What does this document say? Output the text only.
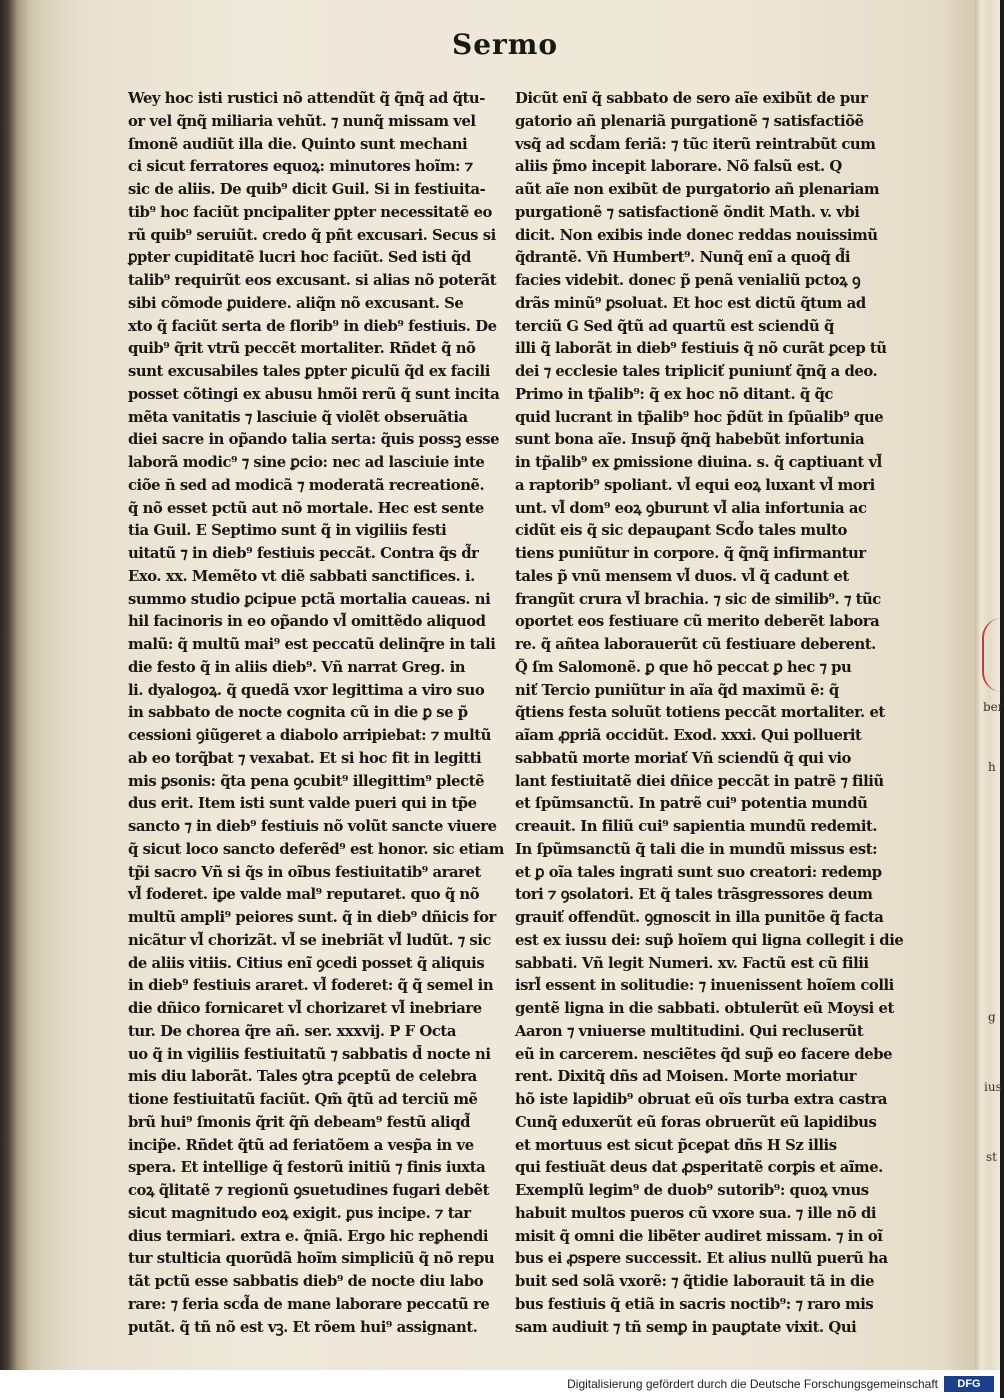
ber
h
g
ius
st
Sermo
Wey hoc isti rustici nõ attendũt q̃ q̃nq̃ ad q̃tu-
or vel q̃nq̃ miliaria vehũt. ⁊ nunq̃ missam vel
ſmonẽ audiũt illa die. Quinto sunt mechani
ci sicut ferratores equoꝝ: minutores hoĩm: ⁊
sic de aliis. De quib⁹ dicit Guil. Si in festiuita-
tib⁹ hoc faciũt pncipaliter ꝑpter necessitatẽ eo
rũ quib⁹ seruiũt. credo q̃ pñt excusari. Secus si
ꝑpter cupiditatẽ lucri hoc faciũt. Sed isti q̃d
talib⁹ requirũt eos excusant. si alias nõ poterãt
sibi cõmode ꝑuidere. aliq̃n nõ excusant. Se
xto q̃ faciũt serta de florib⁹ in dieb⁹ festiuis. De
quib⁹ q̃rit vtrũ peccẽt mortaliter. Rñdet q̃ nõ
sunt excusabiles tales ꝑpter ꝑiculũ q̃d ex facili
posset cõtingi ex abusu hmõi rerũ q̃ sunt incita
mẽta vanitatis ⁊ lasciuie q̃ violẽt obseruãtia
diei sacre in op̃ando talia serta: q̃uis possꝫ esse
laborã modic⁹ ⁊ sine ꝑcio: nec ad lasciuie inte
ciõe n̄ sed ad modicã ⁊ moderatã recreationẽ.
q̃ nõ esset pctũ aut nõ mortale. Hec est sente
tia Guil. E Septimo sunt q̃ in vigiliis festi
uitatũ ⁊ in dieb⁹ festiuis peccãt. Contra q̃s d̃r
Exo. xx. Memẽto vt diẽ sabbati sanctifices. i.
summo studio ꝑcipue pctã mortalia caueas. ni
hil facinoris in eo op̃ando vl̃ omittẽdo aliquod
malũ: q̃ multũ mai⁹ est peccatũ delinq̃re in tali
die festo q̃ in aliis dieb⁹. Vñ narrat Greg. in
li. dyalogoꝝ. q̃ quedã vxor legittima a viro suo
in sabbato de nocte cognita cũ in die ꝑ se p̃
cessioni ꝯiũgeret a diabolo arripiebat: ⁊ multũ
ab eo torq̃bat ⁊ vexabat. Et si hoc fit in legitti
mis ꝑsonis: q̃ta pena ꝯcubit⁹ illegittim⁹ plectẽ
dus erit. Item isti sunt valde pueri qui in tp̃e
sancto ⁊ in dieb⁹ festiuis nõ volũt sancte viuere
q̃ sicut loco sancto deferẽd⁹ est honor. sic etiam
tp̃i sacro Vñ si q̃s in oĩbus festiuitatib⁹ araret
vl̃ foderet. iꝑe valde mal⁹ reputaret. quo q̃ nõ
multũ ampli⁹ peiores sunt. q̃ in dieb⁹ dñicis for
nicãtur vl̃ chorizãt. vl̃ se inebriãt vl̃ ludũt. ⁊ sic
de aliis vitiis. Citius enĩ ꝯcedi posset q̃ aliquis
in dieb⁹ festiuis araret. vl̃ foderet: q̃ q̃ semel in
die dñico fornicaret vl̃ chorizaret vl̃ inebriare
tur. De chorea q̃re añ. ser. xxxvij. P F Octa
uo q̃ in vigiliis festiuitatũ ⁊ sabbatis d̄ nocte ni
mis diu laborãt. Tales ꝯtra ꝑceptũ de celebra
tione festiuitatũ faciũt. Qm̃ q̃tũ ad terciũ mẽ
brũ hui⁹ ſmonis q̃rit q̃ñ debeam⁹ festũ aliqd̃
incip̃e. Rñdet q̃tũ ad feriatõem a vesp̃a in ve
spera. Et intellige q̃ festorũ initiũ ⁊ finis iuxta
coꝝ q̃litatẽ ⁊ regionũ ꝯsuetudines fugari debẽt
sicut magnitudo eoꝝ exigit. ꝑus incipe. ⁊ tar
dius termiari. extra e. q̃niã. Ergo hic reꝑhendi
tur stulticia quorũdã hoĩm simpliciũ q̃ nõ repu
tãt pctũ esse sabbatis dieb⁹ de nocte diu labo
rare: ⁊ feria scd̃a de mane laborare peccatũ re
putãt. q̃ tñ nõ est vꝫ. Et rõem hui⁹ assignant.
Dicũt enĩ q̃ sabbato de sero aĩe exibũt de pur
gatorio añ plenariã purgationẽ ⁊ satisfactiõẽ
vsq̃ ad scd̃am feriã: ⁊ tũc iterũ reintrabũt cum
aliis p̃mo incepit laborare. Nõ falsũ est. Q
aũt aĩe non exibũt de purgatorio añ plenariam
purgationẽ ⁊ satisfactionẽ õndit Math. v. vbi
dicit. Non exibis inde donec reddas nouissimũ
q̃drantẽ. Vñ Humbert⁹. Nunq̃ enĩ a quoq̃ d̃i
facies videbit. donec p̃ penã venialiũ pctoꝝ ꝯ
drãs minũ⁹ ꝑsoluat. Et hoc est dictũ q̃tum ad
terciũ G Sed q̃tũ ad quartũ est sciendũ q̃
illi q̃ laborãt in dieb⁹ festiuis q̃ nõ curãt ꝑcep tũ
dei ⁊ ecclesie tales tripliciť puniunť q̃nq̃ a deo.
Primo in tp̃alib⁹: q̃ ex hoc nõ ditant. q̃ q̃c
quid lucrant in tp̃alib⁹ hoc p̃dũt in ſpũalib⁹ que
sunt bona aĩe. Insup̃ q̃nq̃ habebũt infortunia
in tp̃alib⁹ ex ꝑmissione diuina. s. q̃ captiuant vl̃
a raptorib⁹ spoliant. vl̃ equi eoꝝ luxant vl̃ mori
unt. vl̃ dom⁹ eoꝝ ꝯburunt vl̃ alia infortunia ac
cidũt eis q̃ sic depauꝑant Scd̃o tales multo
tiens puniũtur in corpore. q̃ q̃nq̃ infirmantur
tales p̃ vnũ mensem vl̃ duos. vl̃ q̃ cadunt et
frangũt crura vl̃ brachia. ⁊ sic de similib⁹. ⁊ tũc
oportet eos festiuare cũ merito deberẽt labora
re. q̃ añtea laborauerũt cũ festiuare deberent.
Q̃ ſm Salomonẽ. ꝑ que hõ peccat ꝑ hec ⁊ pu
niť Tercio puniũtur in aĩa q̃d maximũ ẽ: q̃
q̃tiens festa soluũt totiens peccãt mortaliter. et
aĩam ꝓpriã occidũt. Exod. xxxi. Qui polluerit
sabbatũ morte moriať Vñ sciendũ q̃ qui vio
lant festiuitatẽ diei dñice peccãt in patrẽ ⁊ filiũ
et ſpũmsanctũ. In patrẽ cui⁹ potentia mundũ
creauit. In filiũ cui⁹ sapientia mundũ redemit.
In ſpũmsanctũ q̃ tali die in mundũ missus est:
et ꝑ oĩa tales ingrati sunt suo creatori: redemp
tori ⁊ ꝯsolatori. Et q̃ tales trãsgressores deum
grauiť offendũt. ꝯgnoscit in illa punitõe q̃ facta
est ex iussu dei: sup̃ hoĩem qui ligna collegit i die
sabbati. Vñ legit Numeri. xv. Factũ est cũ filii
isrl̃ essent in solitudie: ⁊ inuenissent hoĩem colli
gentẽ ligna in die sabbati. obtulerũt eũ Moysi et
Aaron ⁊ vniuerse multitudini. Qui recluserũt
eũ in carcerem. nesciẽtes q̃d sup̃ eo facere debe
rent. Dixitq̃ dñs ad Moisen. Morte moriatur
hõ iste lapidib⁹ obruat eũ oĩs turba extra castra
Cunq̃ eduxerũt eũ foras obruerũt eũ lapidibus
et mortuus est sicut p̃ceꝑat dñs H Sz illis
qui festiuãt deus dat ꝓsperitatẽ corꝑis et aĩme.
Exemplũ legim⁹ de duob⁹ sutorib⁹: quoꝝ vnus
habuit multos pueros cũ vxore sua. ⁊ ille nõ di
misit q̃ omni die libẽter audiret missam. ⁊ in oĩ
bus ei ꝓspere successit. Et alius nullũ puerũ ha
buit sed solã vxorẽ: ⁊ q̃tidie laborauit tã in die
bus festiuis q̃ etiã in sacris noctib⁹: ⁊ raro mis
sam audiuit ⁊ tñ semꝑ in pauꝑtate vixit. Qui
Digitalisierung gefördert durch die Deutsche Forschungsgemeinschaft	DFG
